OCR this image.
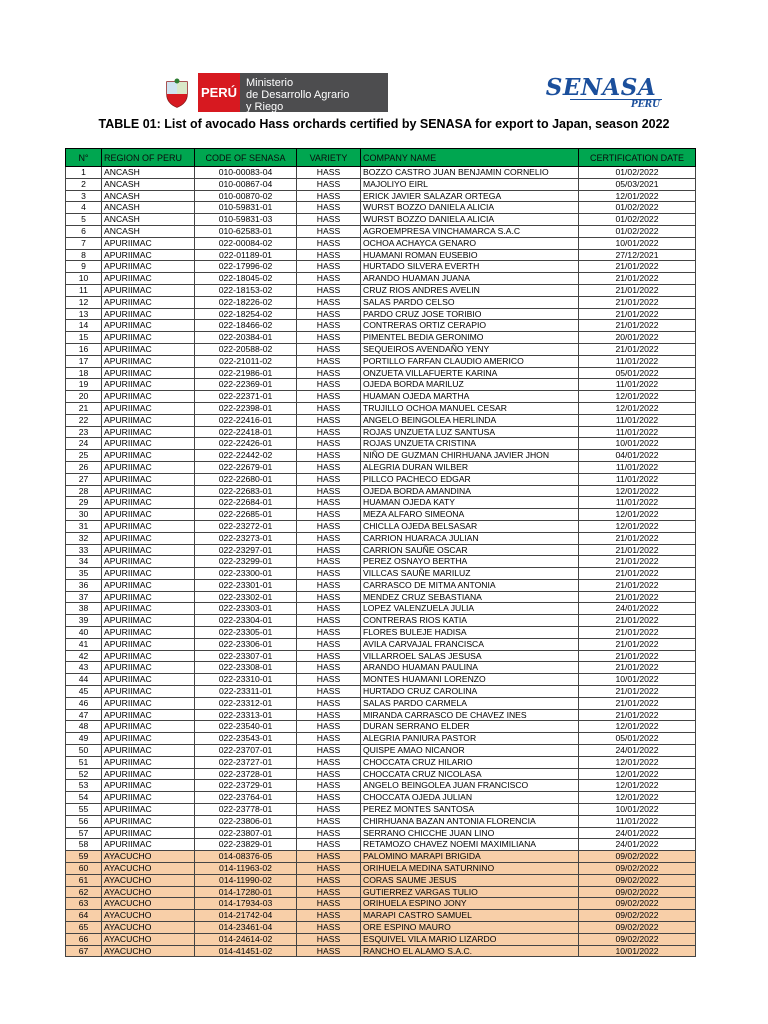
PERÚ
Ministerio
de Desarrollo Agrario
y Riego
SENASA
PERU
TABLE 01: List of avocado Hass orchards certified by SENASA for export to Japan, season 2022
N°	REGION OF PERU	CODE OF SENASA	VARIETY	COMPANY NAME	CERTIFICATION DATE
1	ANCASH	010-00083-04	HASS	BOZZO CASTRO JUAN BENJAMIN CORNELIO	01/02/2022
2	ANCASH	010-00867-04	HASS	MAJOLIYO EIRL	05/03/2021
3	ANCASH	010-00870-02	HASS	ERICK JAVIER SALAZAR ORTEGA	12/01/2022
4	ANCASH	010-59831-01	HASS	WURST BOZZO DANIELA ALICIA	01/02/2022
5	ANCASH	010-59831-03	HASS	WURST BOZZO DANIELA ALICIA	01/02/2022
6	ANCASH	010-62583-01	HASS	AGROEMPRESA VINCHAMARCA S.A.C	01/02/2022
7	APURIIMAC	022-00084-02	HASS	OCHOA ACHAYCA GENARO	10/01/2022
8	APURIIMAC	022-01189-01	HASS	HUAMANI ROMAN EUSEBIO	27/12/2021
9	APURIIMAC	022-17996-02	HASS	HURTADO SILVERA EVERTH	21/01/2022
10	APURIIMAC	022-18045-02	HASS	ARANDO HUAMAN JUANA	21/01/2022
11	APURIIMAC	022-18153-02	HASS	CRUZ RIOS ANDRES AVELIN	21/01/2022
12	APURIIMAC	022-18226-02	HASS	SALAS PARDO CELSO	21/01/2022
13	APURIIMAC	022-18254-02	HASS	PARDO CRUZ JOSE TORIBIO	21/01/2022
14	APURIIMAC	022-18466-02	HASS	CONTRERAS ORTIZ CERAPIO	21/01/2022
15	APURIIMAC	022-20384-01	HASS	PIMENTEL BEDIA GERONIMO	20/01/2022
16	APURIIMAC	022-20588-02	HASS	SEQUEIROS AVENDAÑO YENY	21/01/2022
17	APURIIMAC	022-21011-02	HASS	PORTILLO FARFAN CLAUDIO AMERICO	11/01/2022
18	APURIIMAC	022-21986-01	HASS	ONZUETA VILLAFUERTE KARINA	05/01/2022
19	APURIIMAC	022-22369-01	HASS	OJEDA BORDA MARILUZ	11/01/2022
20	APURIIMAC	022-22371-01	HASS	HUAMAN OJEDA MARTHA	12/01/2022
21	APURIIMAC	022-22398-01	HASS	TRUJILLO OCHOA MANUEL CESAR	12/01/2022
22	APURIIMAC	022-22416-01	HASS	ANGELO BEINGOLEA HERLINDA	11/01/2022
23	APURIIMAC	022-22418-01	HASS	ROJAS UNZUETA LUZ SANTUSA	11/01/2022
24	APURIIMAC	022-22426-01	HASS	ROJAS UNZUETA CRISTINA	10/01/2022
25	APURIIMAC	022-22442-02	HASS	NIÑO DE GUZMAN CHIRHUANA JAVIER JHON	04/01/2022
26	APURIIMAC	022-22679-01	HASS	ALEGRIA DURAN WILBER	11/01/2022
27	APURIIMAC	022-22680-01	HASS	PILLCO PACHECO EDGAR	11/01/2022
28	APURIIMAC	022-22683-01	HASS	OJEDA BORDA AMANDINA	12/01/2022
29	APURIIMAC	022-22684-01	HASS	HUAMAN OJEDA KATY	11/01/2022
30	APURIIMAC	022-22685-01	HASS	MEZA ALFARO SIMEONA	12/01/2022
31	APURIIMAC	022-23272-01	HASS	CHICLLA OJEDA BELSASAR	12/01/2022
32	APURIIMAC	022-23273-01	HASS	CARRION HUARACA JULIAN	21/01/2022
33	APURIIMAC	022-23297-01	HASS	CARRION SAUÑE OSCAR	21/01/2022
34	APURIIMAC	022-23299-01	HASS	PEREZ OSNAYO BERTHA	21/01/2022
35	APURIIMAC	022-23300-01	HASS	VILLCAS SAUÑE MARILUZ	21/01/2022
36	APURIIMAC	022-23301-01	HASS	CARRASCO DE MITMA ANTONIA	21/01/2022
37	APURIIMAC	022-23302-01	HASS	MENDEZ CRUZ SEBASTIANA	21/01/2022
38	APURIIMAC	022-23303-01	HASS	LOPEZ VALENZUELA JULIA	24/01/2022
39	APURIIMAC	022-23304-01	HASS	CONTRERAS RIOS KATIA	21/01/2022
40	APURIIMAC	022-23305-01	HASS	FLORES BULEJE HADISA	21/01/2022
41	APURIIMAC	022-23306-01	HASS	AVILA CARVAJAL FRANCISCA	21/01/2022
42	APURIIMAC	022-23307-01	HASS	VILLARROEL SALAS JESUSA	21/01/2022
43	APURIIMAC	022-23308-01	HASS	ARANDO HUAMAN PAULINA	21/01/2022
44	APURIIMAC	022-23310-01	HASS	MONTES HUAMANI LORENZO	10/01/2022
45	APURIIMAC	022-23311-01	HASS	HURTADO CRUZ CAROLINA	21/01/2022
46	APURIIMAC	022-23312-01	HASS	SALAS PARDO CARMELA	21/01/2022
47	APURIIMAC	022-23313-01	HASS	MIRANDA CARRASCO DE CHAVEZ INES	21/01/2022
48	APURIIMAC	022-23540-01	HASS	DURAN SERRANO ELDER	12/01/2022
49	APURIIMAC	022-23543-01	HASS	ALEGRIA PANIURA PASTOR	05/01/2022
50	APURIIMAC	022-23707-01	HASS	QUISPE AMAO NICANOR	24/01/2022
51	APURIIMAC	022-23727-01	HASS	CHOCCATA CRUZ HILARIO	12/01/2022
52	APURIIMAC	022-23728-01	HASS	CHOCCATA CRUZ NICOLASA	12/01/2022
53	APURIIMAC	022-23729-01	HASS	ANGELO BEINGOLEA JUAN FRANCISCO	12/01/2022
54	APURIIMAC	022-23764-01	HASS	CHOCCATA OJEDA JULIAN	12/01/2022
55	APURIIMAC	022-23778-01	HASS	PEREZ MONTES SANTOSA	10/01/2022
56	APURIIMAC	022-23806-01	HASS	CHIRHUANA BAZAN ANTONIA FLORENCIA	11/01/2022
57	APURIIMAC	022-23807-01	HASS	SERRANO CHICCHE JUAN LINO	24/01/2022
58	APURIIMAC	022-23829-01	HASS	RETAMOZO CHAVEZ NOEMI MAXIMILIANA	24/01/2022
59	AYACUCHO	014-08376-05	HASS	PALOMINO MARAPI BRIGIDA	09/02/2022
60	AYACUCHO	014-11963-02	HASS	ORIHUELA MEDINA SATURNINO	09/02/2022
61	AYACUCHO	014-11990-02	HASS	CORAS SAUME JESUS	09/02/2022
62	AYACUCHO	014-17280-01	HASS	GUTIERREZ VARGAS TULIO	09/02/2022
63	AYACUCHO	014-17934-03	HASS	ORIHUELA ESPINO JONY	09/02/2022
64	AYACUCHO	014-21742-04	HASS	MARAPI CASTRO SAMUEL	09/02/2022
65	AYACUCHO	014-23461-04	HASS	ORE ESPINO MAURO	09/02/2022
66	AYACUCHO	014-24614-02	HASS	ESQUIVEL VILA MARIO LIZARDO	09/02/2022
67	AYACUCHO	014-41451-02	HASS	RANCHO EL ALAMO S.A.C.	10/01/2022
